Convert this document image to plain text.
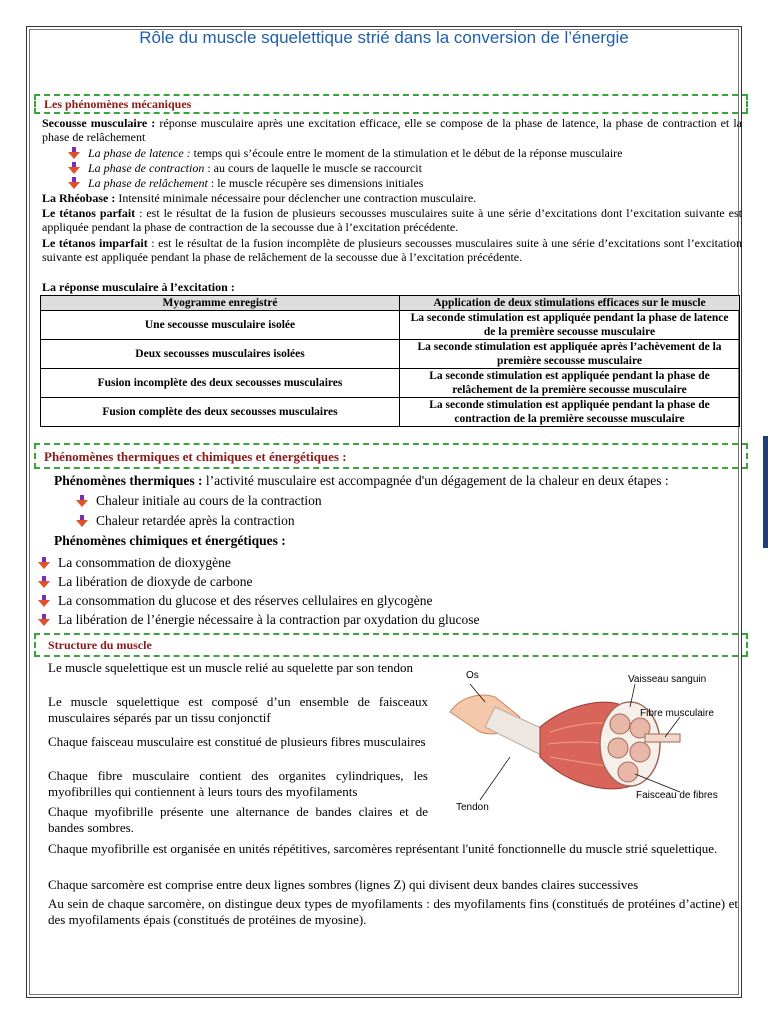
Rôle du muscle squelettique strié dans la conversion de l’énergie
Les phénomènes mécaniques
Secousse musculaire : réponse musculaire après une excitation efficace, elle se compose de la phase de latence, la phase de contraction et la phase de relâchement
La phase de latence : temps qui s’écoule entre le moment de la stimulation et le début de la réponse musculaire
La phase de contraction : au cours de laquelle le muscle se raccourcit
La phase de relâchement : le muscle récupère ses dimensions initiales
La Rhéobase : Intensité minimale nécessaire pour déclencher une contraction musculaire.
Le tétanos parfait : est le résultat de la fusion de plusieurs secousses musculaires suite à une série d’excitations dont l’excitation suivante est appliquée pendant la phase de contraction de la secousse due à l’excitation précédente.
Le tétanos imparfait : est le résultat de la fusion incomplète de plusieurs secousses musculaires suite à une série d’excitations sont l’excitation suivante est appliquée pendant la phase de relâchement de la secousse due à l’excitation précédente.
La réponse musculaire à l’excitation :
Myogramme enregistré	Application de deux stimulations efficaces sur le muscle
Une secousse musculaire isolée	La seconde stimulation est appliquée pendant la phase de latence de la première secousse musculaire
Deux secousses musculaires isolées	La seconde stimulation est appliquée après l’achèvement de la première secousse musculaire
Fusion incomplète des deux secousses musculaires	La seconde stimulation est appliquée pendant la phase de relâchement de la première secousse musculaire
Fusion complète des deux secousses musculaires	La seconde stimulation est appliquée pendant la phase de contraction de la première secousse musculaire
Phénomènes thermiques et chimiques et énergétiques :
Phénomènes thermiques : l’activité musculaire est accompagnée d'un dégagement de la chaleur en deux étapes :
Chaleur initiale au cours de la contraction
Chaleur retardée après la contraction
Phénomènes chimiques et énergétiques :
La consommation de dioxygène
La libération de dioxyde de carbone
La consommation du glucose et des réserves cellulaires en glycogène
La libération de l’énergie nécessaire à la contraction par oxydation du glucose
Structure du muscle
Le muscle squelettique est un muscle relié au squelette par son tendon
Le muscle squelettique est composé d’un ensemble de faisceaux musculaires séparés par un tissu conjonctif
Chaque faisceau musculaire est constitué de plusieurs fibres musculaires
Chaque fibre musculaire contient des organites cylindriques, les myofibrilles qui contiennent à leurs tours des myofilaments
Chaque myofibrille présente une alternance de bandes claires et de bandes sombres.
Chaque myofibrille est organisée en unités répétitives, sarcomères représentant l'unité fonctionnelle du muscle strié squelettique.
Chaque sarcomère est comprise entre deux lignes sombres (lignes Z) qui divisent deux bandes claires successives
Au sein de chaque sarcomère, on distingue deux types de myofilaments : des myofilaments fins (constitués de protéines d’actine) et des myofilaments épais (constitués de protéines de myosine).
Os	Vaisseau sanguin
Fibre musculaire
Faisceau de fibres
Tendon
